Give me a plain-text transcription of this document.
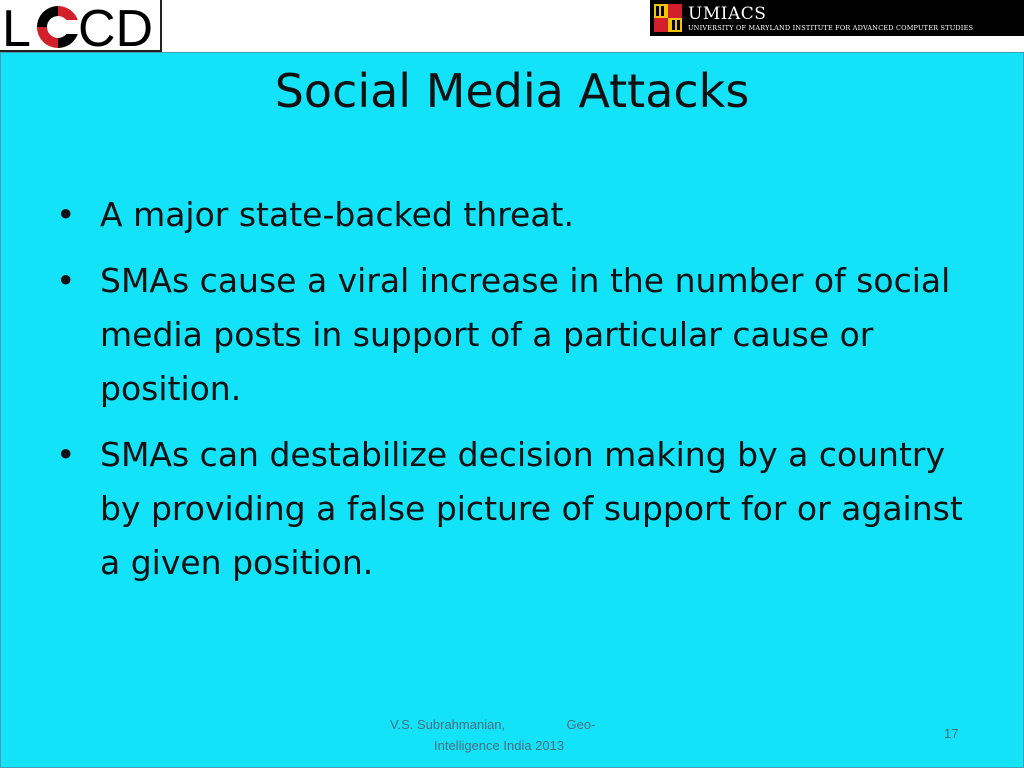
L CD	UMIACS
UNIVERSITY OF MARYLAND INSTITUTE FOR ADVANCED COMPUTER STUDIES
Social Media Attacks
• A major state-backed threat.
• SMAs cause a viral increase in the number of social media posts in support of a particular cause or position.
• SMAs can destabilize decision making by a country by providing a false picture of support for or against a given position.
V.S. Subrahmanian,                 Geo-
Intelligence India 2013
17
